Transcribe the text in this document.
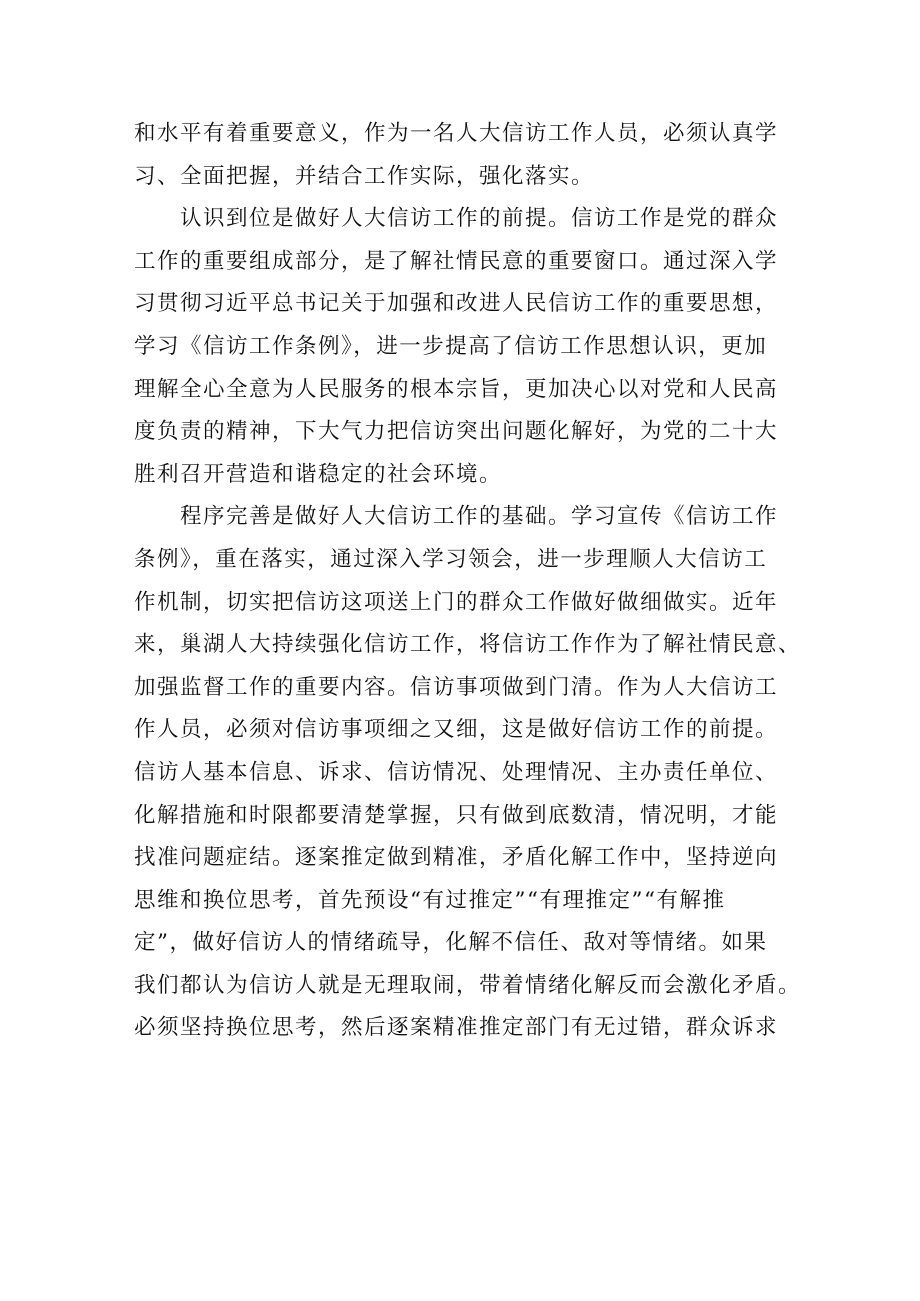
和水平有着重要意义，作为一名人大信访工作人员，必须认真学
习、全面把握，并结合工作实际，强化落实。
　　认识到位是做好人大信访工作的前提。信访工作是党的群众
工作的重要组成部分，是了解社情民意的重要窗口。通过深入学
习贯彻习近平总书记关于加强和改进人民信访工作的重要思想，
学习《信访工作条例》，进一步提高了信访工作思想认识，更加
理解全心全意为人民服务的根本宗旨，更加决心以对党和人民高
度负责的精神，下大气力把信访突出问题化解好，为党的二十大
胜利召开营造和谐稳定的社会环境。
　　程序完善是做好人大信访工作的基础。学习宣传《信访工作
条例》，重在落实，通过深入学习领会，进一步理顺人大信访工
作机制，切实把信访这项送上门的群众工作做好做细做实。近年
来，巢湖人大持续强化信访工作，将信访工作作为了解社情民意、
加强监督工作的重要内容。信访事项做到门清。作为人大信访工
作人员，必须对信访事项细之又细，这是做好信访工作的前提。
信访人基本信息、诉求、信访情况、处理情况、主办责任单位、
化解措施和时限都要清楚掌握，只有做到底数清，情况明，才能
找准问题症结。逐案推定做到精准，矛盾化解工作中，坚持逆向
思维和换位思考，首先预设“有过推定”“有理推定”“有解推
定”，做好信访人的情绪疏导，化解不信任、敌对等情绪。如果
我们都认为信访人就是无理取闹，带着情绪化解反而会激化矛盾。
必须坚持换位思考，然后逐案精准推定部门有无过错，群众诉求
